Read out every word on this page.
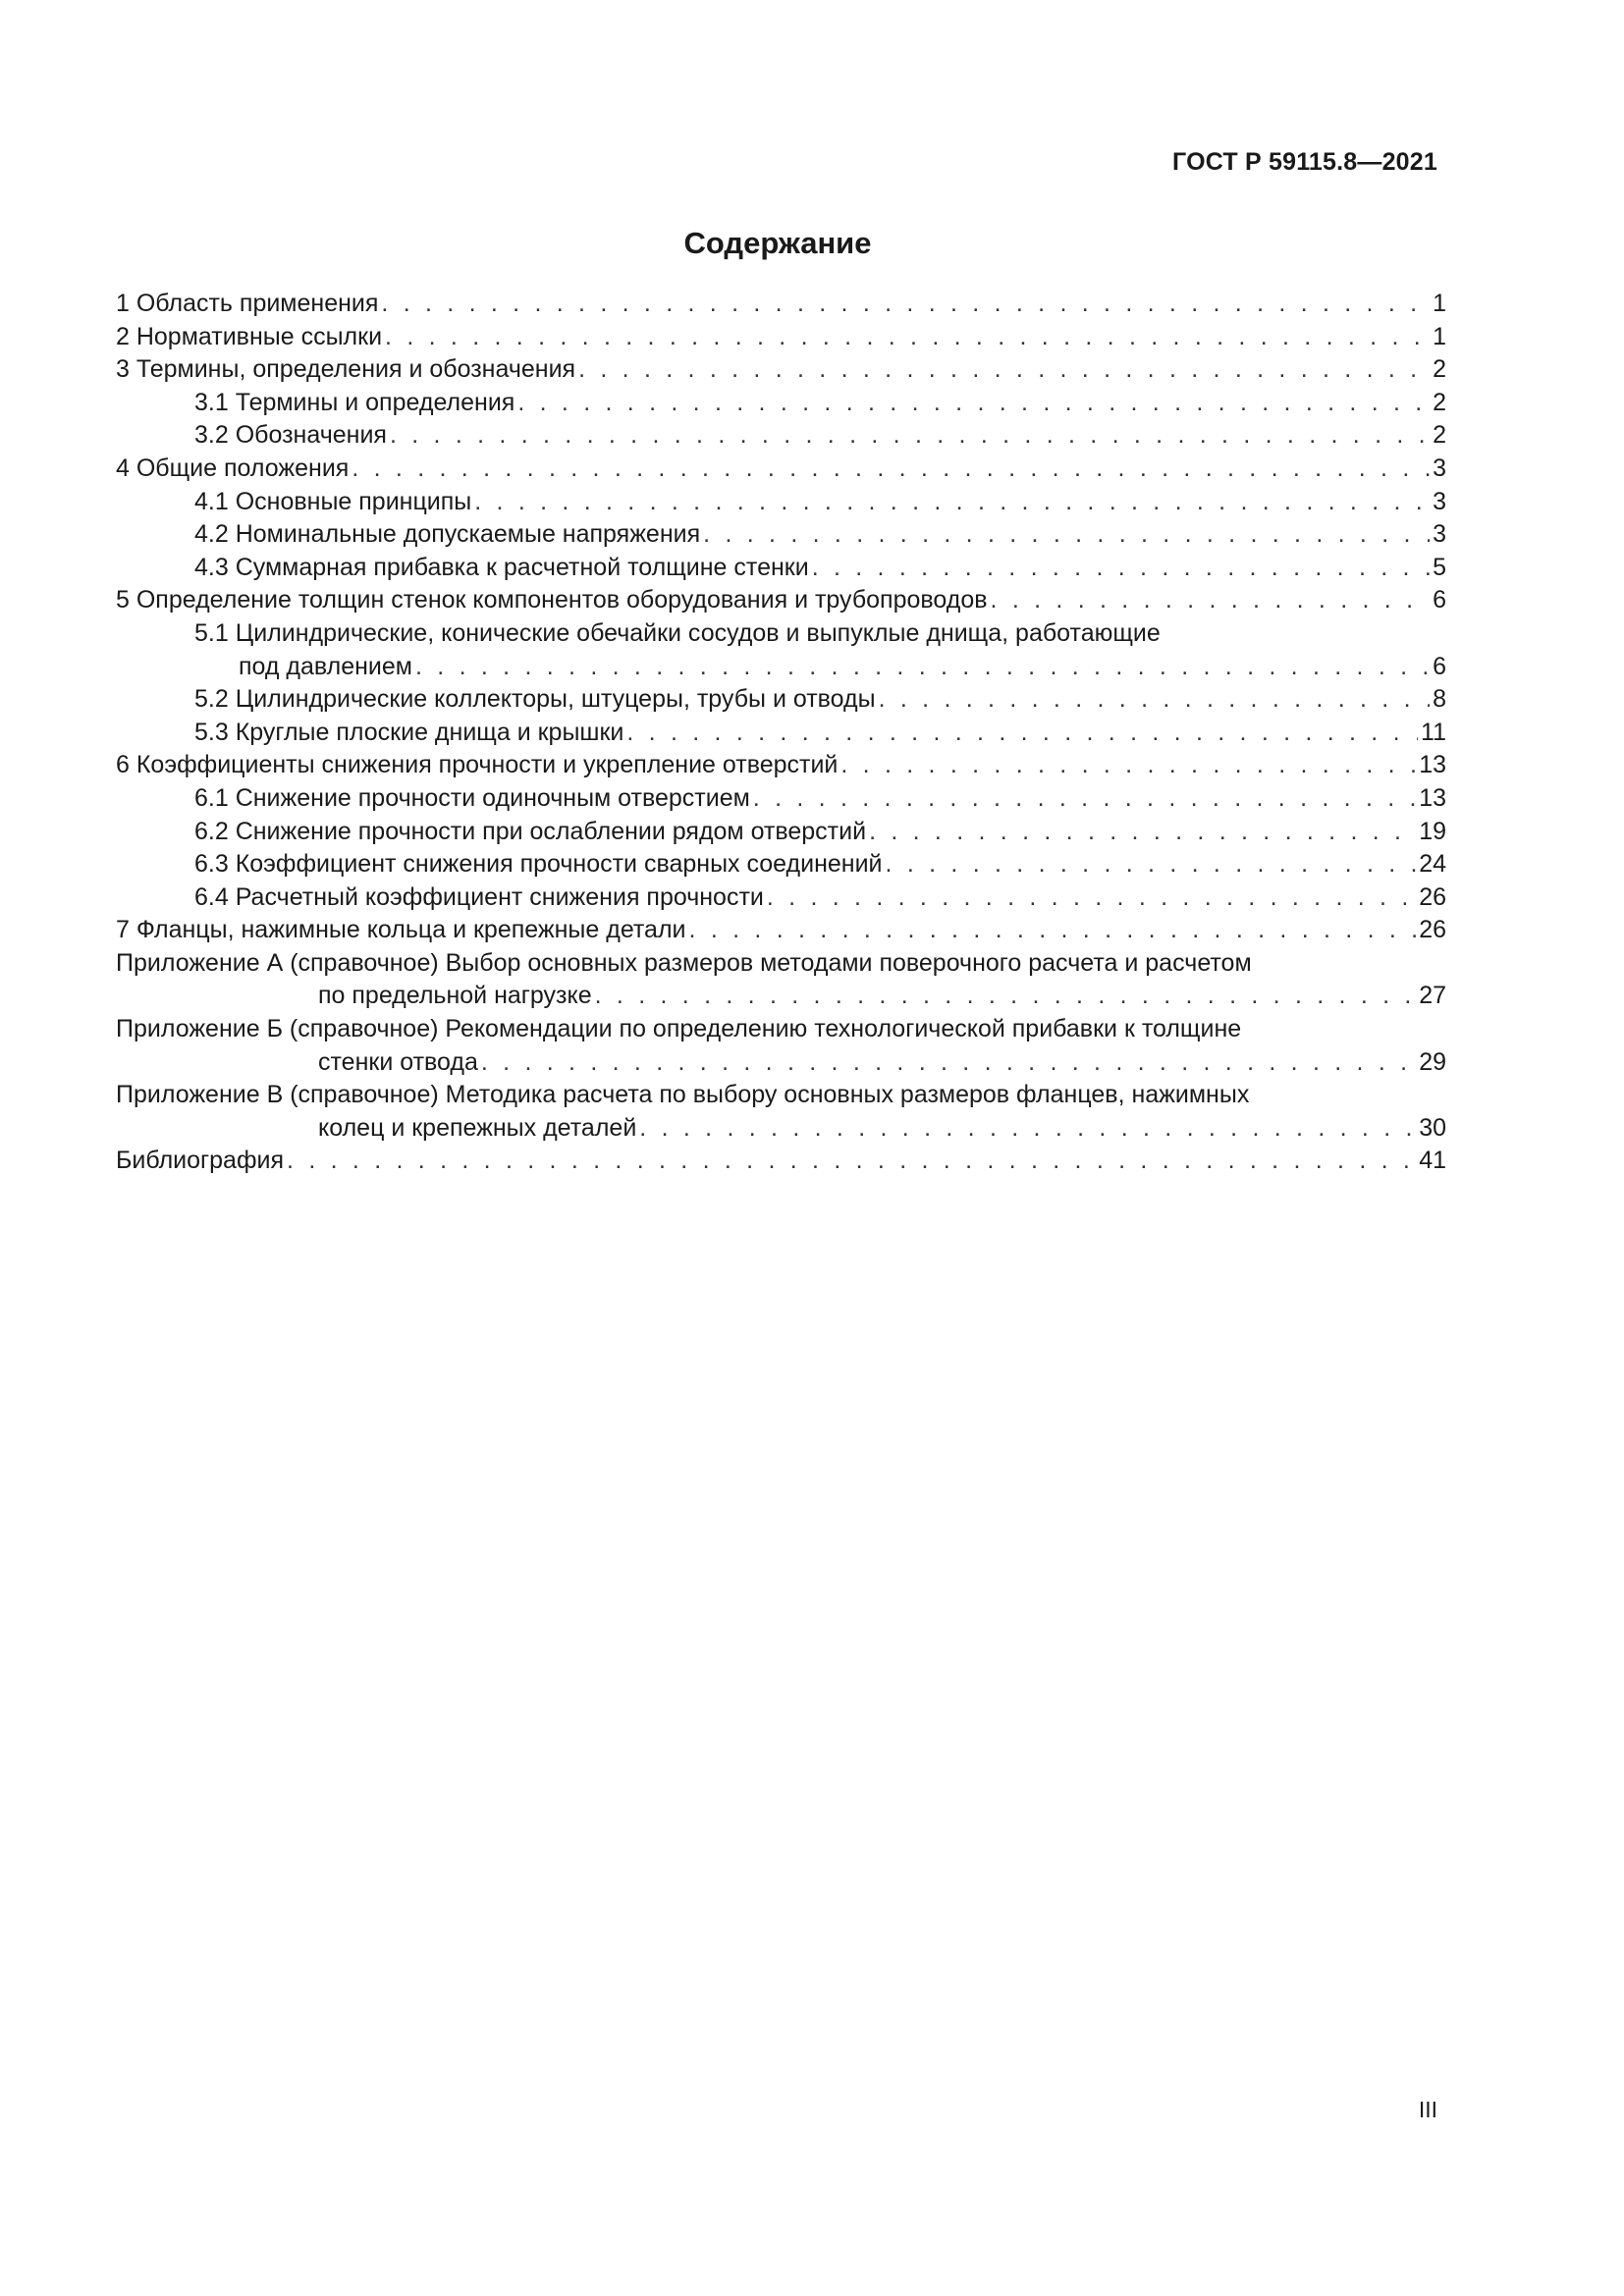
ГОСТ Р 59115.8—2021
Содержание
1 Область применения . . .	1
2 Нормативные ссылки . . .	1
3 Термины, определения и обозначения . . .	2
3.1 Термины и определения . . .	2
3.2 Обозначения . . .	2
4 Общие положения . . .	3
4.1 Основные принципы . . .	3
4.2 Номинальные допускаемые напряжения . . .	3
4.3 Суммарная прибавка к расчетной толщине стенки . . .	5
5 Определение толщин стенок компонентов оборудования и трубопроводов . . .	6
5.1 Цилиндрические, конические обечайки сосудов и выпуклые днища, работающие
под давлением . . .	6
5.2 Цилиндрические коллекторы, штуцеры, трубы и отводы . . .	8
5.3 Круглые плоские днища и крышки . . .	11
6 Коэффициенты снижения прочности и укрепление отверстий . . .	13
6.1 Снижение прочности одиночным отверстием . . .	13
6.2 Снижение прочности при ослаблении рядом отверстий . . .	19
6.3 Коэффициент снижения прочности сварных соединений . . .	24
6.4 Расчетный коэффициент снижения прочности . . .	26
7 Фланцы, нажимные кольца и крепежные детали . . .	26
Приложение А (справочное) Выбор основных размеров методами поверочного расчета и расчетом
по предельной нагрузке . . .	27
Приложение Б (справочное) Рекомендации по определению технологической прибавки к толщине
стенки отвода . . .	29
Приложение В (справочное) Методика расчета по выбору основных размеров фланцев, нажимных
колец и крепежных деталей . . .	30
Библиография . . .	41
III
